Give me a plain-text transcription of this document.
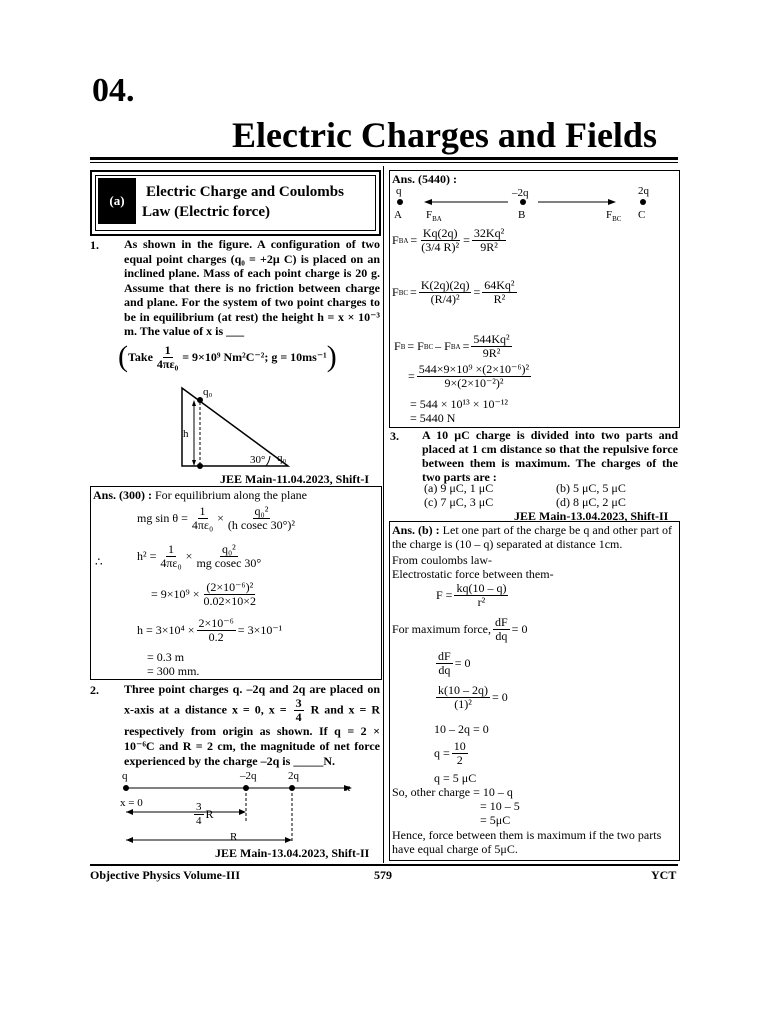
04.
Electric Charges and Fields
(a)
Electric Charge and Coulombs
Law (Electric force)
1. As shown in the figure. A configuration of two equal point charges (q₀ = +2μ C) is placed on an inclined plane. Mass of each point charge is 20 g. Assume that there is no friction between charge and plane. For the system of two point charges to be in equilibrium (at rest) the height h = x × 10⁻³ m. The value of x is ___
( Take $\frac{1}{\text{4πε₀}} = 9\times 10^9$ Nm²C⁻²; g = 10ms⁻¹ )
q₀
h
30° q₀
JEE Main-11.04.2023, Shift-I
Ans. (300) : For equilibrium along the plane
mg $\sin \theta = \frac{1}{\text{4πε₀}} \times \frac{\text{q₀²}}{\text{(h cosec 30°)²}}$
∴	$h^2 = \frac{1}{\text{4πε₀}} \times \frac{\text{q₀²}}{\text{mg cosec 30°}}$
= $9\times 10^9 \times \frac{\text{(2×10⁻⁶)²}}{0.02\times 10\times 2}$
$h = 3\times 10^4 \times \frac{\text{2×10⁻⁶}}{0.2} = 3\times 10^{-1}$
= 0.3 m
= 300 mm.
2. Three point charges q. –2q and 2q are placed on x-axis at a distance x = 0, $x = \frac{3}{4}$ R and x = R respectively from origin as shown. If q = 2 × 10⁻⁶C and R = 2 cm, the magnitude of net force experienced by the charge –2q is _____N.
q	–2q	2q
x
x = 0	$\frac{3}{4}$ R
R
JEE Main-13.04.2023, Shift-II
Ans. (5440) :
q	–2q	2q
A $F_{BA}$	B	$F_{BC}$ C
F BA = $\frac{Kq(2q)}{\text{(3/4 R)²}} = \frac{\text{32Kq²}}{\text{9R²}}$
F BC = $\frac{K(2q)(2q)}{\text{(R/4)²}} = \frac{\text{64Kq²}}{\text{R²}}$
F B = F BC – F BA = $\frac{\text{544Kq²}}{\text{9R²}}$
= $\frac{\text{544×9×10⁹ ×(2×10⁻⁶)²}}{\text{9×(2×10⁻²)²}}$
= 544 × 10¹³ × 10⁻¹²
= 5440 N
3. A 10 μC charge is divided into two parts and placed at 1 cm distance so that the repulsive force between them is maximum. The charges of the two parts are :
(a) 9 μC, 1 μC	(b) 5 μC, 5 μC
(c) 7 μC, 3 μC	(d) 8 μC, 2 μC
JEE Main-13.04.2023, Shift-II
Ans. (b) : Let one part of the charge be q and other part of the charge is (10 – q) separated at distance 1cm.
From coulombs law-
Electrostatic force between them-
$F = \frac{kq(10 - q)}{\text{r²}}$
For maximum force, $\frac{dF}{dq} = 0$
$\frac{dF}{dq} = 0$
$\frac{k(10 - 2q)}{\text{(1)²}} = 0$
10 – 2q = 0
$q = \frac{10}{2}$
q = 5 μC
So, other charge = 10 – q
= 10 – 5
= 5μC
Hence, force between them is maximum if the two parts have equal charge of 5μC.
Objective Physics Volume-III	579	YCT
